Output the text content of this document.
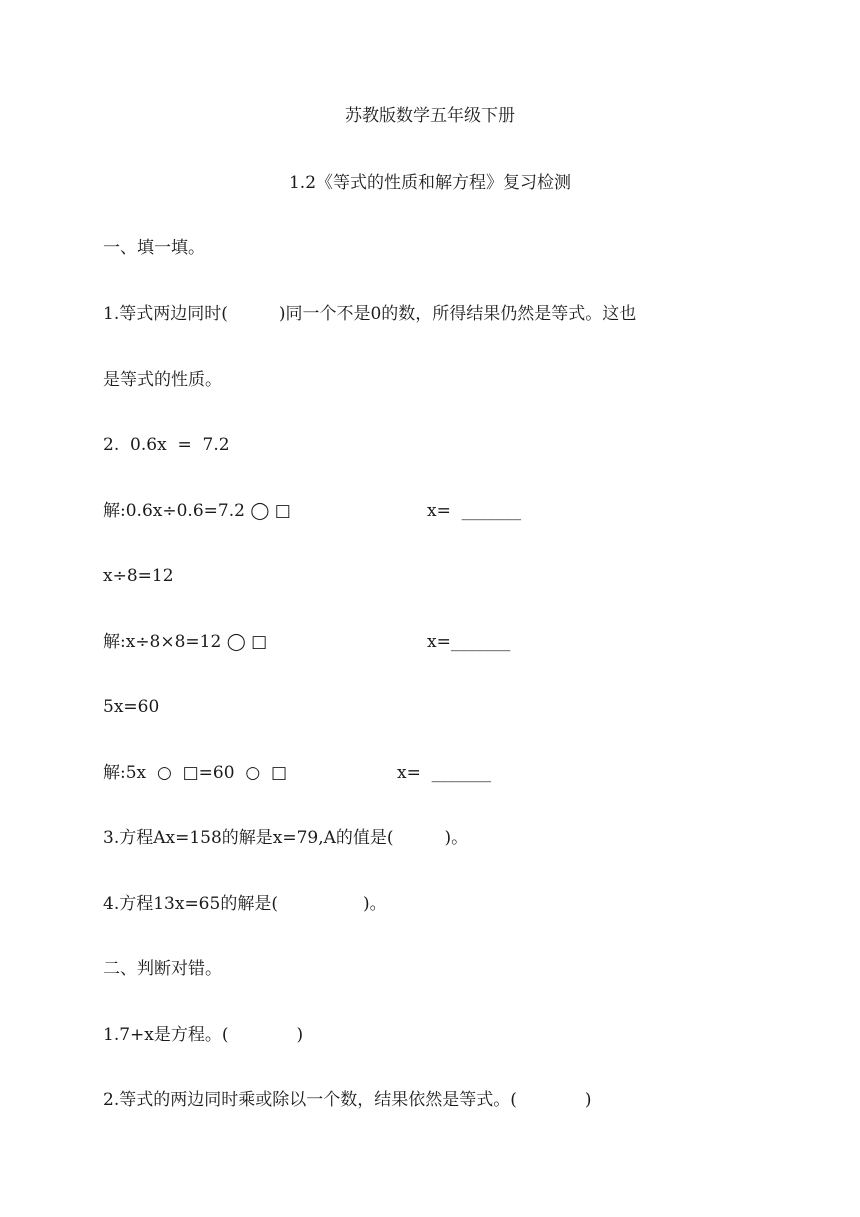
苏教版数学五年级下册
1.2《等式的性质和解方程》复习检测
一、填一填。
1.等式两边同时(　　　)同一个不是0的数，所得结果仍然是等式。这也
是等式的性质。
2.  0.6x  =  7.2
解:0.6x÷0.6=7.2 ◯ □	x=  _______
x÷8=12
解:x÷8×8=12 ◯ □	x=_______
5x=60
解:5x  ○  □=60  ○  □	x=  _______
3.方程Ax=158的解是x=79,A的值是(　　　)。
4.方程13x=65的解是(　　　　　)。
二、判断对错。
1.7+x是方程。(　　　　)
2.等式的两边同时乘或除以一个数，结果依然是等式。(　　　　)
